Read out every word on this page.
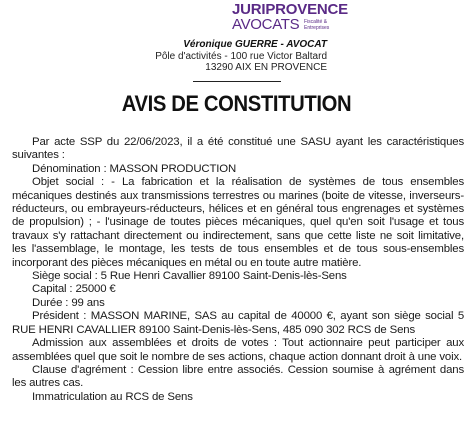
JURIPROVENCE
AVOCATS Fiscalité & Entreprises
Véronique GUERRE - AVOCAT
Pôle d'activités - 100 rue Victor Baltard
13290 AIX EN PROVENCE
AVIS DE CONSTITUTION

Par acte SSP du 22/06/2023, il a été constitué une SASU ayant les caractéristiques suivantes :

Dénomination : MASSON PRODUCTION

Objet social : - La fabrication et la réalisation de systèmes de tous ensembles mécaniques destinés aux transmissions terrestres ou marines (boite de vitesse, inverseurs-réducteurs, ou embrayeurs-réducteurs, hélices et en général tous engrenages et systèmes de propulsion) ; - l'usinage de toutes pièces mécaniques, quel qu'en soit l'usage et tous travaux s'y rattachant directement ou indirectement, sans que cette liste ne soit limitative, les l'assemblage, le montage, les tests de tous ensembles et de tous sous-ensembles incorporant des pièces mécaniques en métal ou en toute autre matière.

Siège social : 5 Rue Henri Cavallier 89100 Saint-Denis-lès-Sens

Capital : 25000 €

Durée : 99 ans

Président : MASSON MARINE, SAS au capital de 40000 €, ayant son siège social 5 RUE HENRI CAVALLIER 89100 Saint-Denis-lès-Sens, 485 090 302 RCS de Sens

Admission aux assemblées et droits de votes : Tout actionnaire peut participer aux assemblées quel que soit le nombre de ses actions, chaque action donnant droit à une voix.

Clause d'agrément : Cession libre entre associés. Cession soumise à agrément dans les autres cas.

Immatriculation au RCS de Sens
